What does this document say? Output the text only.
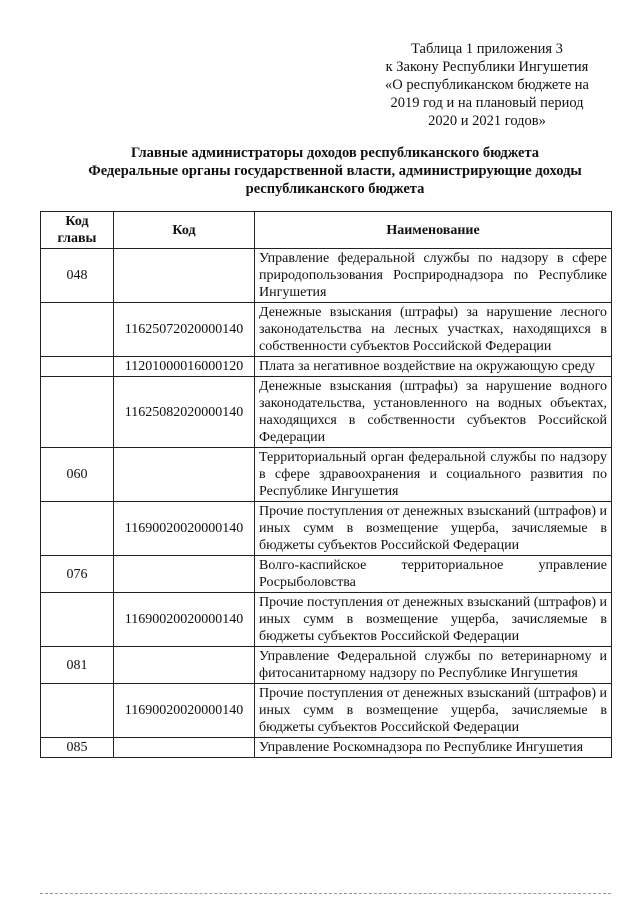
Таблица 1 приложения 3
к Закону Республики Ингушетия
«О республиканском бюджете на
2019 год и на плановый период
2020 и 2021 годов»
Главные администраторы доходов республиканского бюджета
Федеральные органы государственной власти, администрирующие доходы
республиканского бюджета
Код главы	Код	Наименование
048		Управление федеральной службы по надзору в сфере природопользования Росприроднадзора по Республике Ингушетия
	11625072020000140	Денежные взыскания (штрафы) за нарушение лесного законодательства на лесных участках, находящихся в собственности субъектов Российской Федерации
	11201000016000120	Плата за негативное воздействие на окружающую среду
	11625082020000140	Денежные взыскания (штрафы) за нарушение водного законодательства, установленного на водных объектах, находящихся в собственности субъектов Российской Федерации
060		Территориальный орган федеральной службы по надзору в сфере здравоохранения и социального развития по Республике Ингушетия
	11690020020000140	Прочие поступления от денежных взысканий (штрафов) и иных сумм в возмещение ущерба, зачисляемые в бюджеты субъектов Российской Федерации
076		Волго-каспийское территориальное управление Росрыболовства
	11690020020000140	Прочие поступления от денежных взысканий (штрафов) и иных сумм в возмещение ущерба, зачисляемые в бюджеты субъектов Российской Федерации
081		Управление Федеральной службы по ветеринарному и фитосанитарному надзору по Республике Ингушетия
	11690020020000140	Прочие поступления от денежных взысканий (штрафов) и иных сумм в возмещение ущерба, зачисляемые в бюджеты субъектов Российской Федерации
085		Управление Роскомнадзора по Республике Ингушетия
